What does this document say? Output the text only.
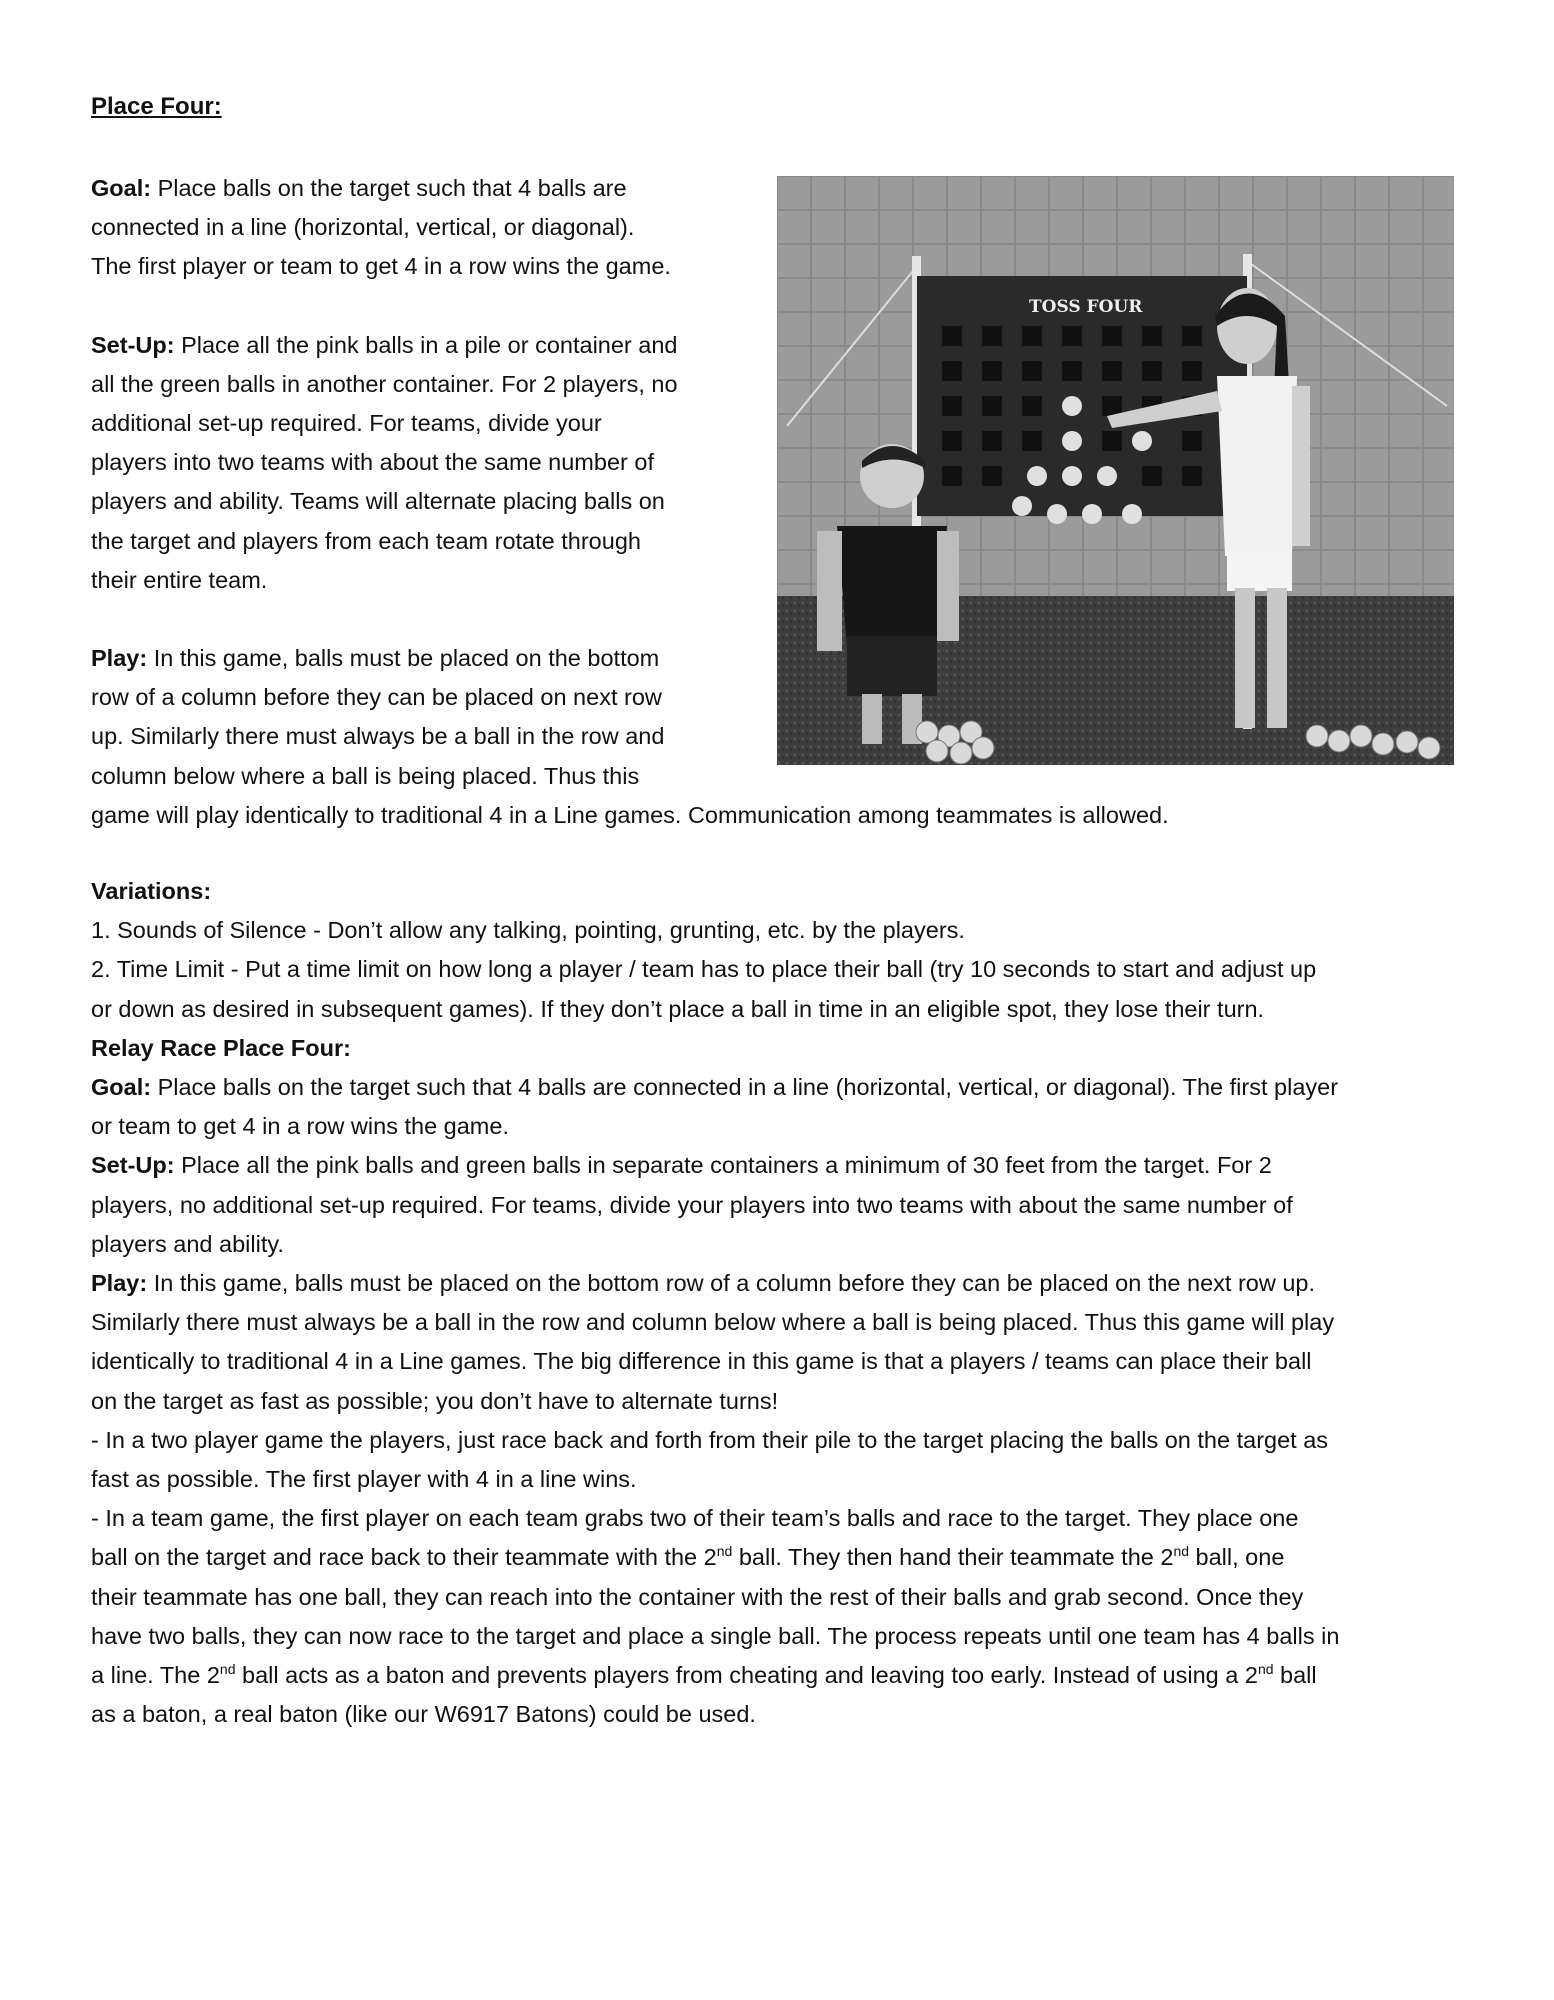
Place Four:

Goal: Place balls on the target such that 4 balls are

connected in a line (horizontal, vertical, or diagonal).

The first player or team to get 4 in a row wins the game.

Set-Up: Place all the pink balls in a pile or container and

all the green balls in another container. For 2 players, no

additional set-up required. For teams, divide your

players into two teams with about the same number of

players and ability. Teams will alternate placing balls on

the target and players from each team rotate through

their entire team.

Play: In this game, balls must be placed on the bottom

row of a column before they can be placed on next row

up. Similarly there must always be a ball in the row and

column below where a ball is being placed. Thus this

game will play identically to traditional 4 in a Line games. Communication among teammates is allowed.

TOSS FOUR

Variations:

1. Sounds of Silence - Don’t allow any talking, pointing, grunting, etc. by the players.

2. Time Limit - Put a time limit on how long a player / team has to place their ball (try 10 seconds to start and adjust up

or down as desired in subsequent games). If they don’t place a ball in time in an eligible spot, they lose their turn.

Relay Race Place Four:

Goal: Place balls on the target such that 4 balls are connected in a line (horizontal, vertical, or diagonal). The first player

or team to get 4 in a row wins the game.

Set-Up: Place all the pink balls and green balls in separate containers a minimum of 30 feet from the target. For 2

players, no additional set-up required. For teams, divide your players into two teams with about the same number of

players and ability.

Play: In this game, balls must be placed on the bottom row of a column before they can be placed on the next row up.

Similarly there must always be a ball in the row and column below where a ball is being placed. Thus this game will play

identically to traditional 4 in a Line games. The big difference in this game is that a players / teams can place their ball

on the target as fast as possible; you don’t have to alternate turns!

- In a two player game the players, just race back and forth from their pile to the target placing the balls on the target as

fast as possible. The first player with 4 in a line wins.

- In a team game, the first player on each team grabs two of their team’s balls and race to the target. They place one

ball on the target and race back to their teammate with the 2nd ball. They then hand their teammate the 2nd ball, one

their teammate has one ball, they can reach into the container with the rest of their balls and grab second. Once they

have two balls, they can now race to the target and place a single ball. The process repeats until one team has 4 balls in

a line. The 2nd ball acts as a baton and prevents players from cheating and leaving too early. Instead of using a 2nd ball

as a baton, a real baton (like our W6917 Batons) could be used.
